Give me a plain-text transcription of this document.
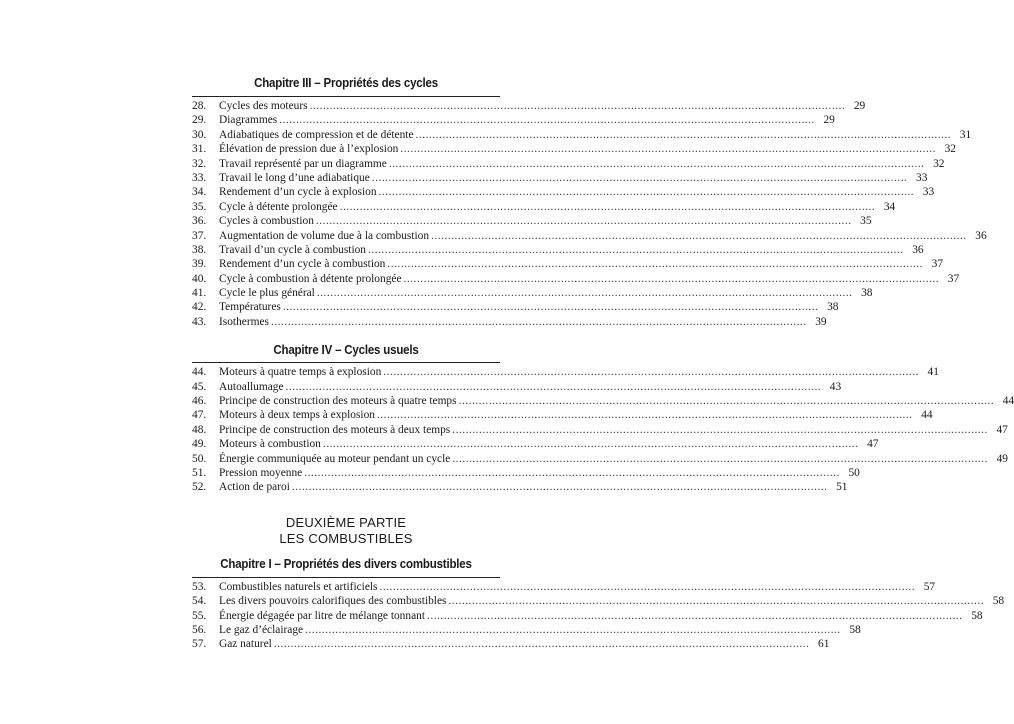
Chapitre III – Propriétés des cycles
28.	Cycles des moteurs ................................................................................................................................................................ 29
29.	Diagrammes ................................................................................................................................................................ 29
30.	Adiabatiques de compression et de détente ................................................................................................................................................................ 31
31.	Élévation de pression due à l’explosion ................................................................................................................................................................ 32
32.	Travail représenté par un diagramme ................................................................................................................................................................ 32
33.	Travail le long d’une adiabatique ................................................................................................................................................................ 33
34.	Rendement d’un cycle à explosion ................................................................................................................................................................ 33
35.	Cycle à détente prolongée ................................................................................................................................................................ 34
36.	Cycles à combustion ................................................................................................................................................................ 35
37.	Augmentation de volume due à la combustion ................................................................................................................................................................ 36
38.	Travail d’un cycle à combustion ................................................................................................................................................................ 36
39.	Rendement d’un cycle à combustion ................................................................................................................................................................ 37
40.	Cycle à combustion à détente prolongée ................................................................................................................................................................ 37
41.	Cycle le plus général ................................................................................................................................................................ 38
42.	Températures ................................................................................................................................................................ 38
43.	Isothermes ................................................................................................................................................................ 39
Chapitre IV – Cycles usuels
44.	Moteurs à quatre temps à explosion ................................................................................................................................................................ 41
45.	Autoallumage ................................................................................................................................................................ 43
46.	Principe de construction des moteurs à quatre temps ................................................................................................................................................................ 44
47.	Moteurs à deux temps à explosion ................................................................................................................................................................ 44
48.	Principe de construction des moteurs à deux temps ................................................................................................................................................................ 47
49.	Moteurs à combustion ................................................................................................................................................................ 47
50.	Énergie communiquée au moteur pendant un cycle ................................................................................................................................................................ 49
51.	Pression moyenne ................................................................................................................................................................ 50
52.	Action de paroi ................................................................................................................................................................ 51
DEUXIÈME PARTIE
LES COMBUSTIBLES
Chapitre I – Propriétés des divers combustibles
53.	Combustibles naturels et artificiels ................................................................................................................................................................ 57
54.	Les divers pouvoirs calorifiques des combustibles ................................................................................................................................................................ 58
55.	Énergie dégagée par litre de mélange tonnant ................................................................................................................................................................ 58
56.	Le gaz d’éclairage ................................................................................................................................................................ 58
57.	Gaz naturel ................................................................................................................................................................ 61
